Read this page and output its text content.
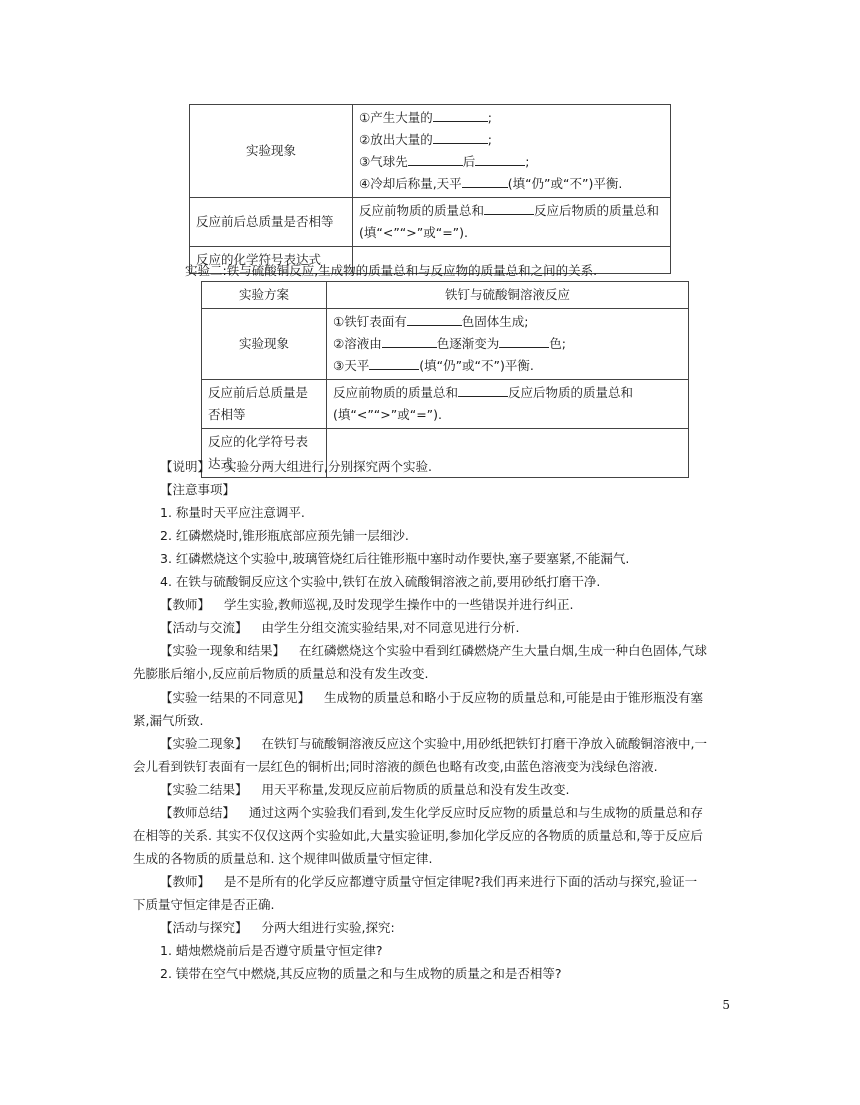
实验现象	①产生大量的 ;
②放出大量的 ;
③气球先 后 ;
④冷却后称量,天平 (填“仍”或“不”)平衡.

反应前后总质量是否相等	反应前物质的质量总和 反应后物质的质量总和(填“<”“>”或“=”).
反应的化学符号表达式	

实验二:铁与硫酸铜反应,生成物的质量总和与反应物的质量总和之间的关系.

实验方案	铁钉与硫酸铜溶液反应
实验现象	①铁钉表面有 色固体生成;
②溶液由 色逐渐变为 色;
③天平 (填“仍”或“不”)平衡.

反应前后总质量是否相等	反应前物质的质量总和 反应后物质的质量总和(填“<”“>”或“=”).
反应的化学符号表达式	

【说明】 实验分两大组进行,分别探究两个实验.

【注意事项】

1. 称量时天平应注意调平.

2. 红磷燃烧时,锥形瓶底部应预先铺一层细沙.

3. 红磷燃烧这个实验中,玻璃管烧红后往锥形瓶中塞时动作要快,塞子要塞紧,不能漏气.

4. 在铁与硫酸铜反应这个实验中,铁钉在放入硫酸铜溶液之前,要用砂纸打磨干净.

【教师】 学生实验,教师巡视,及时发现学生操作中的一些错误并进行纠正.

【活动与交流】 由学生分组交流实验结果,对不同意见进行分析.

【实验一现象和结果】 在红磷燃烧这个实验中看到红磷燃烧产生大量白烟,生成一种白色固体,气球

先膨胀后缩小,反应前后物质的质量总和没有发生改变.

【实验一结果的不同意见】 生成物的质量总和略小于反应物的质量总和,可能是由于锥形瓶没有塞

紧,漏气所致.

【实验二现象】 在铁钉与硫酸铜溶液反应这个实验中,用砂纸把铁钉打磨干净放入硫酸铜溶液中,一

会儿看到铁钉表面有一层红色的铜析出;同时溶液的颜色也略有改变,由蓝色溶液变为浅绿色溶液.

【实验二结果】 用天平称量,发现反应前后物质的质量总和没有发生改变.

【教师总结】 通过这两个实验我们看到,发生化学反应时反应物的质量总和与生成物的质量总和存

在相等的关系. 其实不仅仅这两个实验如此,大量实验证明,参加化学反应的各物质的质量总和,等于反应后

生成的各物质的质量总和. 这个规律叫做质量守恒定律.

【教师】 是不是所有的化学反应都遵守质量守恒定律呢?我们再来进行下面的活动与探究,验证一

下质量守恒定律是否正确.

【活动与探究】 分两大组进行实验,探究:

1. 蜡烛燃烧前后是否遵守质量守恒定律?

2. 镁带在空气中燃烧,其反应物的质量之和与生成物的质量之和是否相等?

5
